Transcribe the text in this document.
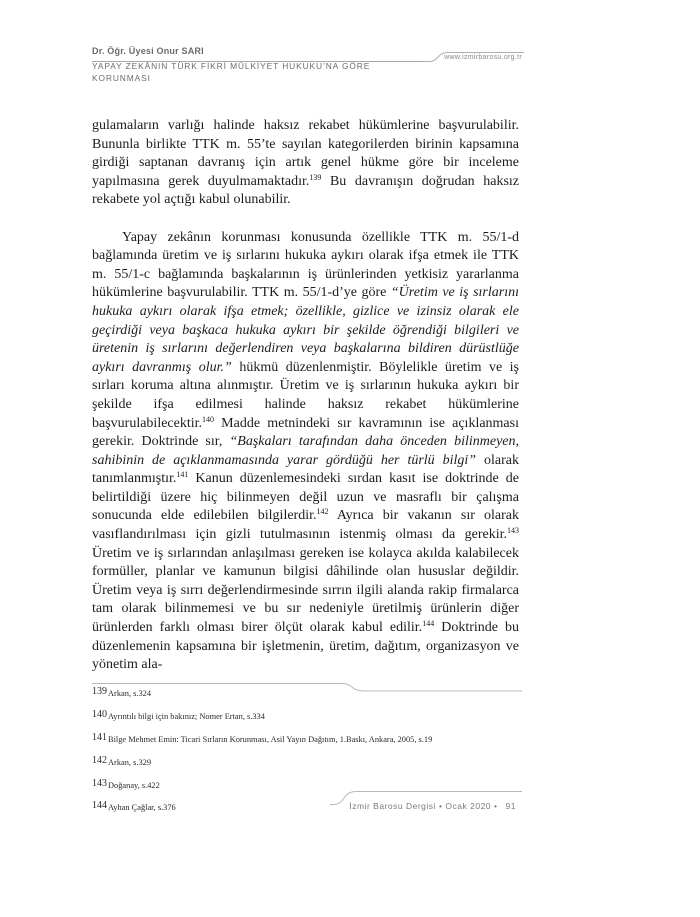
Dr. Öğr. Üyesi Onur SARI
YAPAY ZEKÂNIN TÜRK FİKRİ MÜLKİYET HUKUKU’NA GÖRE
KORUNMASI
www.izmirbarosu.org.tr

gulamaların varlığı halinde haksız rekabet hükümlerine başvurulabilir. Bununla birlikte TTK m. 55’te sayılan kategorilerden birinin kapsamına girdiği saptanan davranış için artık genel hükme göre bir inceleme yapılmasına gerek duyulmamaktadır.$^{139}$ Bu davranışın doğrudan haksız rekabete yol açtığı kabul olunabilir.

Yapay zekânın korunması konusunda özellikle TTK m. 55/1-d bağlamında üretim ve iş sırlarını hukuka aykırı olarak ifşa etmek ile TTK m. 55/1-c bağlamında başkalarının iş ürünlerinden yetkisiz yararlanma hükümlerine başvurulabilir. TTK m. 55/1-d’ye göre “Üretim ve iş sırlarını hukuka aykırı olarak ifşa etmek; özellikle, gizlice ve izinsiz olarak ele geçirdiği veya başkaca hukuka aykırı bir şekilde öğrendiği bilgileri ve üretenin iş sırlarını değerlendiren veya başkalarına bildiren dürüstlüğe aykırı davranmış olur.” hükmü düzenlenmiştir. Böylelikle üretim ve iş sırları koruma altına alınmıştır. Üretim ve iş sırlarının hukuka aykırı bir şekilde ifşa edilmesi halinde haksız rekabet hükümlerine başvurulabilecektir.$^{140}$ Madde metnindeki sır kavramının ise açıklanması gerekir. Doktrinde sır, “Başkaları tarafından daha önceden bilinmeyen, sahibinin de açıklanmamasında yarar gördüğü her türlü bilgi” olarak tanımlanmıştır.$^{141}$ Kanun düzenlemesindeki sırdan kasıt ise doktrinde de belirtildiği üzere hiç bilinmeyen değil uzun ve masraflı bir çalışma sonucunda elde edilebilen bilgilerdir.$^{142}$ Ayrıca bir vakanın sır olarak vasıflandırılması için gizli tutulmasının istenmiş olması da gerekir.$^{143}$ Üretim ve iş sırlarından anlaşılması gereken ise kolayca akılda kalabilecek formüller, planlar ve kamunun bilgisi dâhilinde olan hususlar değildir. Üretim veya iş sırrı değerlendirmesinde sırrın ilgili alanda rakip firmalarca tam olarak bilinmemesi ve bu sır nedeniyle üretilmiş ürünlerin diğer ürünlerden farklı olması birer ölçüt olarak kabul edilir.$^{144}$ Doktrinde bu düzenlemenin kapsamına bir işletmenin, üretim, dağıtım, organizasyon ve yönetim ala-

139Arkan, s.324
140Ayrıntılı bilgi için bakınız; Nomer Ertan, s.334
141Bilge Mehmet Emin: Ticari Sırların Korunması, Asil Yayın Dağıtım, 1.Baskı, Ankara, 2005, s.19
142Arkan, s.329
143Doğanay, s.422
144Ayhan Çağlar, s.376	İzmir Barosu Dergisi • Ocak 2020 • 91
